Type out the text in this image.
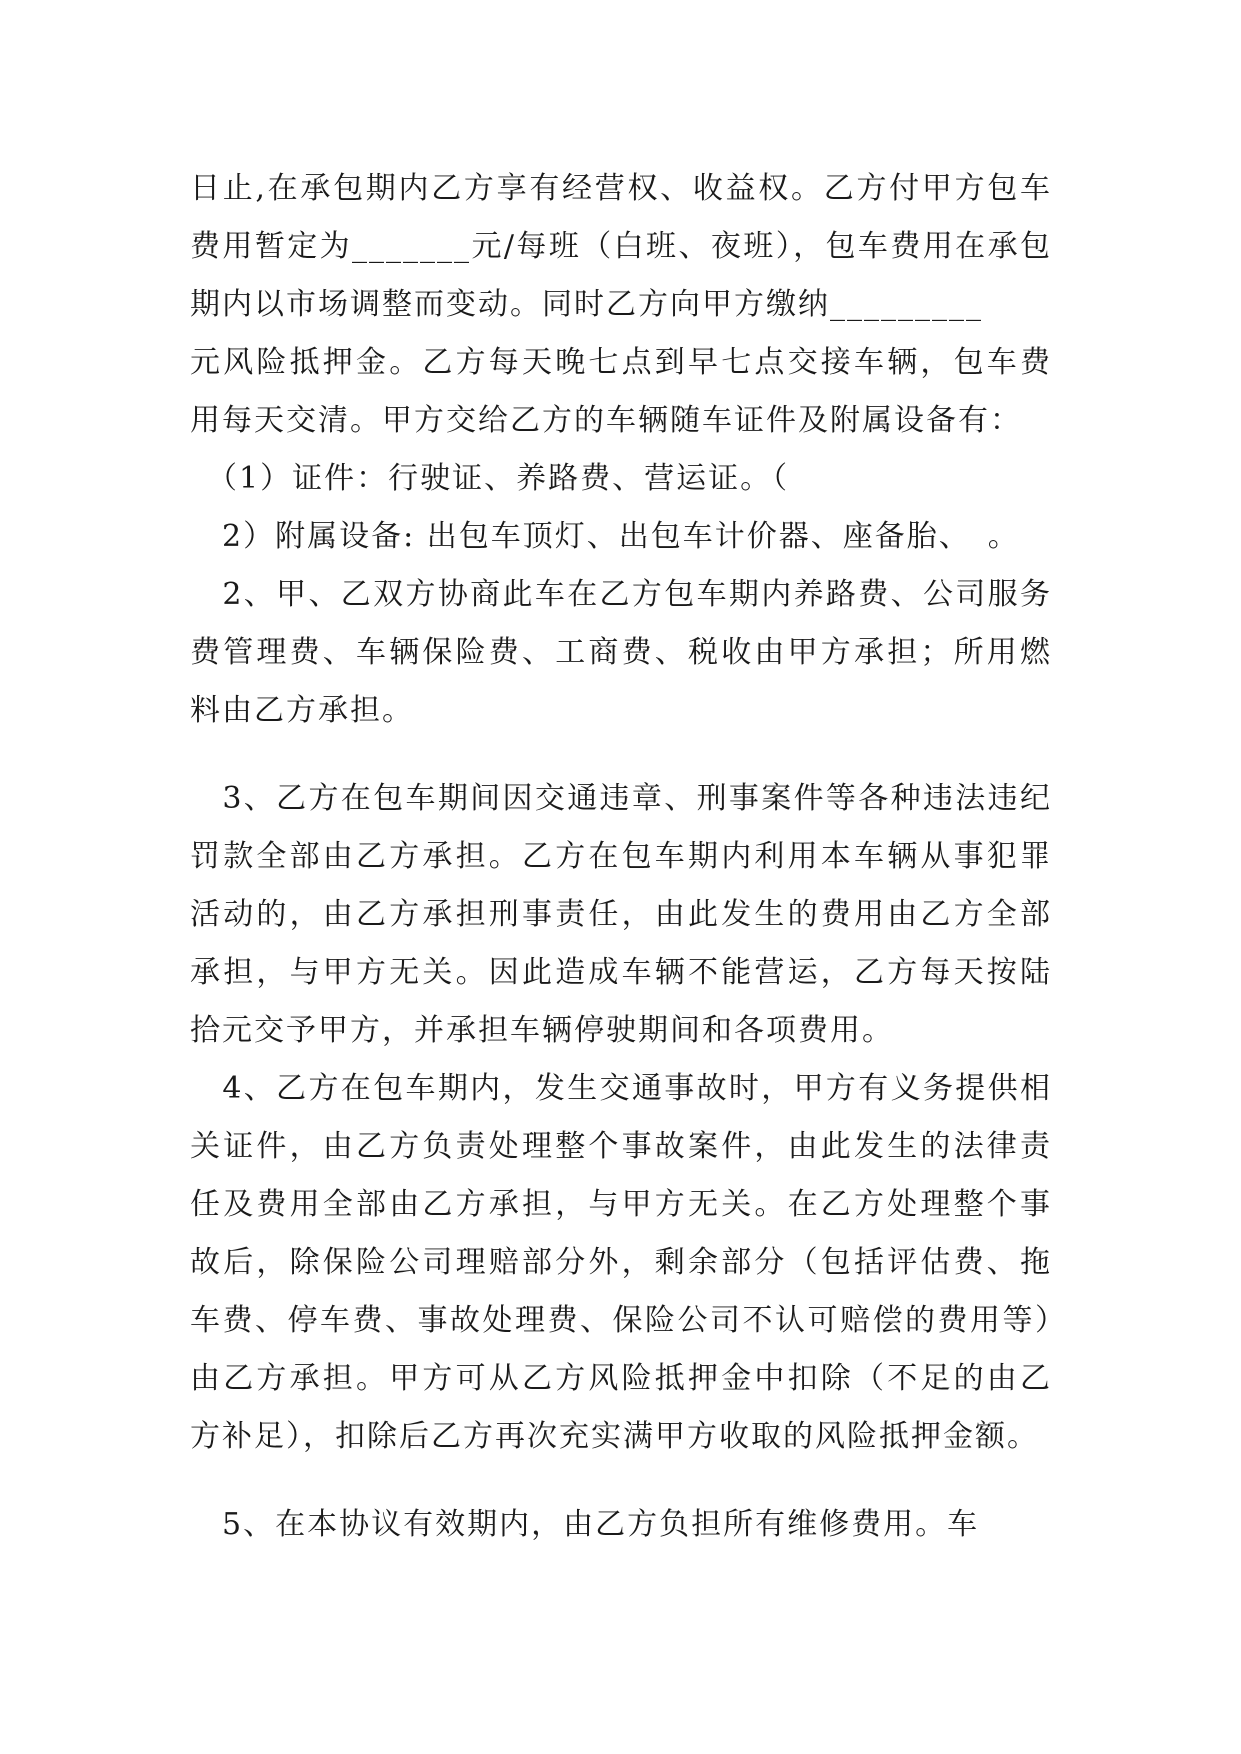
日止,在承包期内乙方享有经营权、收益权。乙方付甲方包车费用暂定为_______元/每班（白班、夜班），包车费用在承包期内以市场调整而变动。同时乙方向甲方缴纳_________

元风险抵押金。乙方每天晚七点到早七点交接车辆，包车费用每天交清。甲方交给乙方的车辆随车证件及附属设备有：

　（1）证件：行驶证、养路费、营运证。（

　2）附属设备: 出包车顶灯、出包车计价器、座备胎、　。

　2、甲、乙双方协商此车在乙方包车期内养路费、公司服务费管理费、车辆保险费、工商费、税收由甲方承担；所用燃料由乙方承担。

　3、乙方在包车期间因交通违章、刑事案件等各种违法违纪罚款全部由乙方承担。乙方在包车期内利用本车辆从事犯罪活动的，由乙方承担刑事责任，由此发生的费用由乙方全部承担，与甲方无关。因此造成车辆不能营运，乙方每天按陆拾元交予甲方，并承担车辆停驶期间和各项费用。

　4、乙方在包车期内，发生交通事故时，甲方有义务提供相关证件，由乙方负责处理整个事故案件，由此发生的法律责任及费用全部由乙方承担，与甲方无关。在乙方处理整个事故后，除保险公司理赔部分外，剩余部分（包括评估费、拖车费、停车费、事故处理费、保险公司不认可赔偿的费用等）由乙方承担。甲方可从乙方风险抵押金中扣除（不足的由乙方补足），扣除后乙方再次充实满甲方收取的风险抵押金额。

　5、在本协议有效期内，由乙方负担所有维修费用。车
